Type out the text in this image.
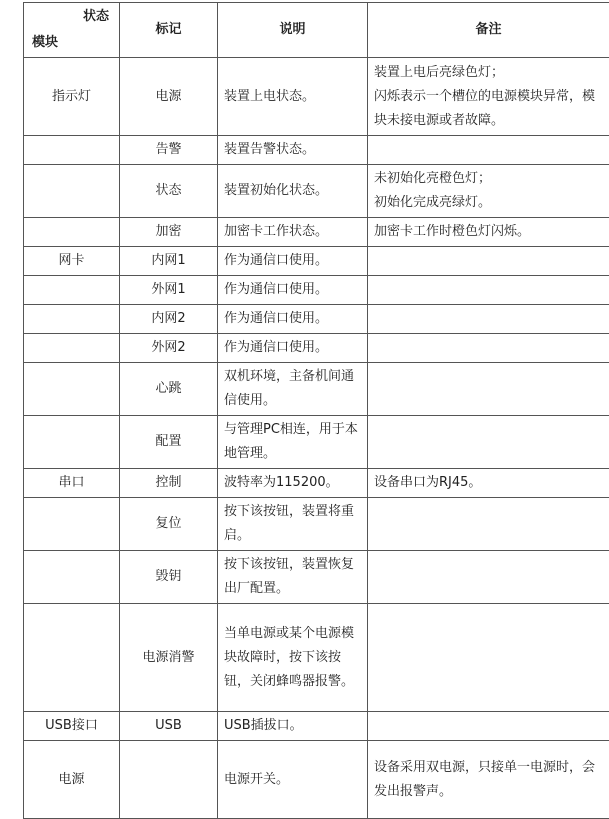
状态
模块	标记	说明	备注
指示灯	电源	装置上电状态。	装置上电后亮绿色灯；
闪烁表示一个槽位的电源模块异常，模块未接电源或者故障。
	告警	装置告警状态。	
	状态	装置初始化状态。	未初始化亮橙色灯；
初始化完成亮绿灯。
	加密	加密卡工作状态。	加密卡工作时橙色灯闪烁。
网卡	内网1	作为通信口使用。	
	外网1	作为通信口使用。	
	内网2	作为通信口使用。	
	外网2	作为通信口使用。	
	心跳	双机环境，主备机间通信使用。	
	配置	与管理PC相连，用于本地管理。	
串口	控制	波特率为115200。	设备串口为RJ45。
	复位	按下该按钮，装置将重启。	
	毁钥	按下该按钮，装置恢复出厂配置。	
	电源消警	当单电源或某个电源模块故障时，按下该按钮，关闭蜂鸣器报警。	
USB接口	USB	USB插拔口。	
电源		电源开关。	设备采用双电源，只接单一电源时，会发出报警声。
